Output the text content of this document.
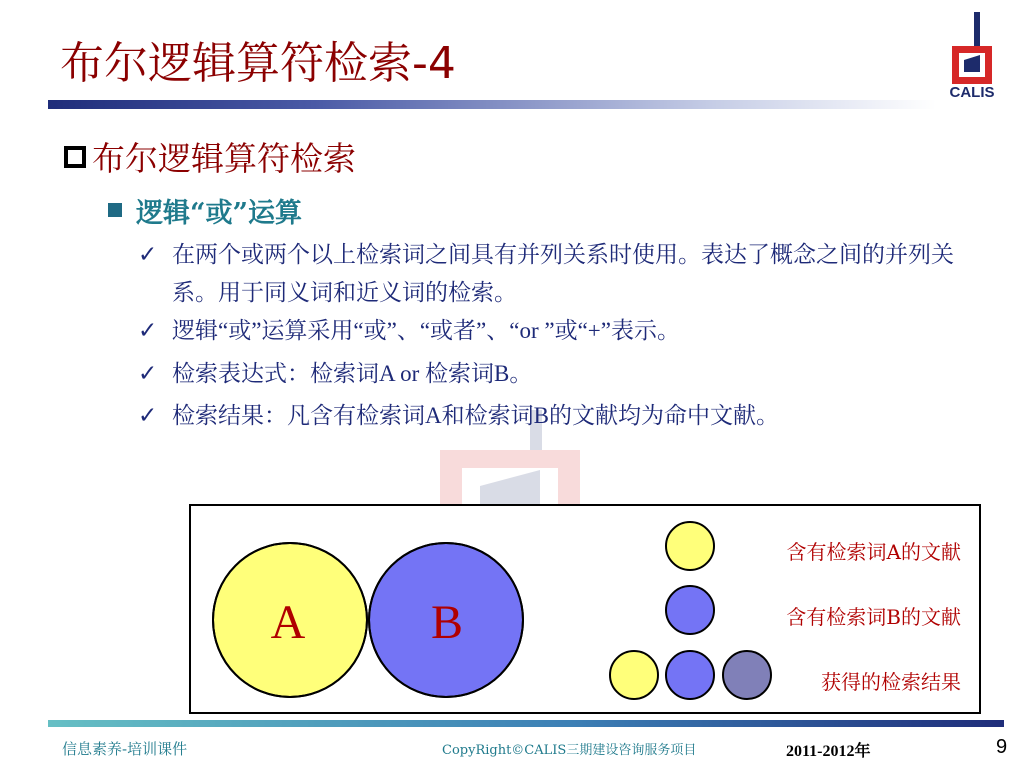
布尔逻辑算符检索-4
CALIS
布尔逻辑算符检索
逻辑“或”运算
✓ 在两个或两个以上检索词之间具有并列关系时使用。表达了概念之间的并列关系。用于同义词和近义词的检索。
✓ 逻辑“或”运算采用“或”、“或者”、“or ”或“+”表示。
✓ 检索表达式：检索词A or 检索词B。
✓ 检索结果：凡含有检索词A和检索词B的文献均为命中文献。
A	B
含有检索词A的文献
含有检索词B的文献
获得的检索结果
信息素养-培训课件	CopyRight©CALIS三期建设咨询服务项目	2011-2012年	9
